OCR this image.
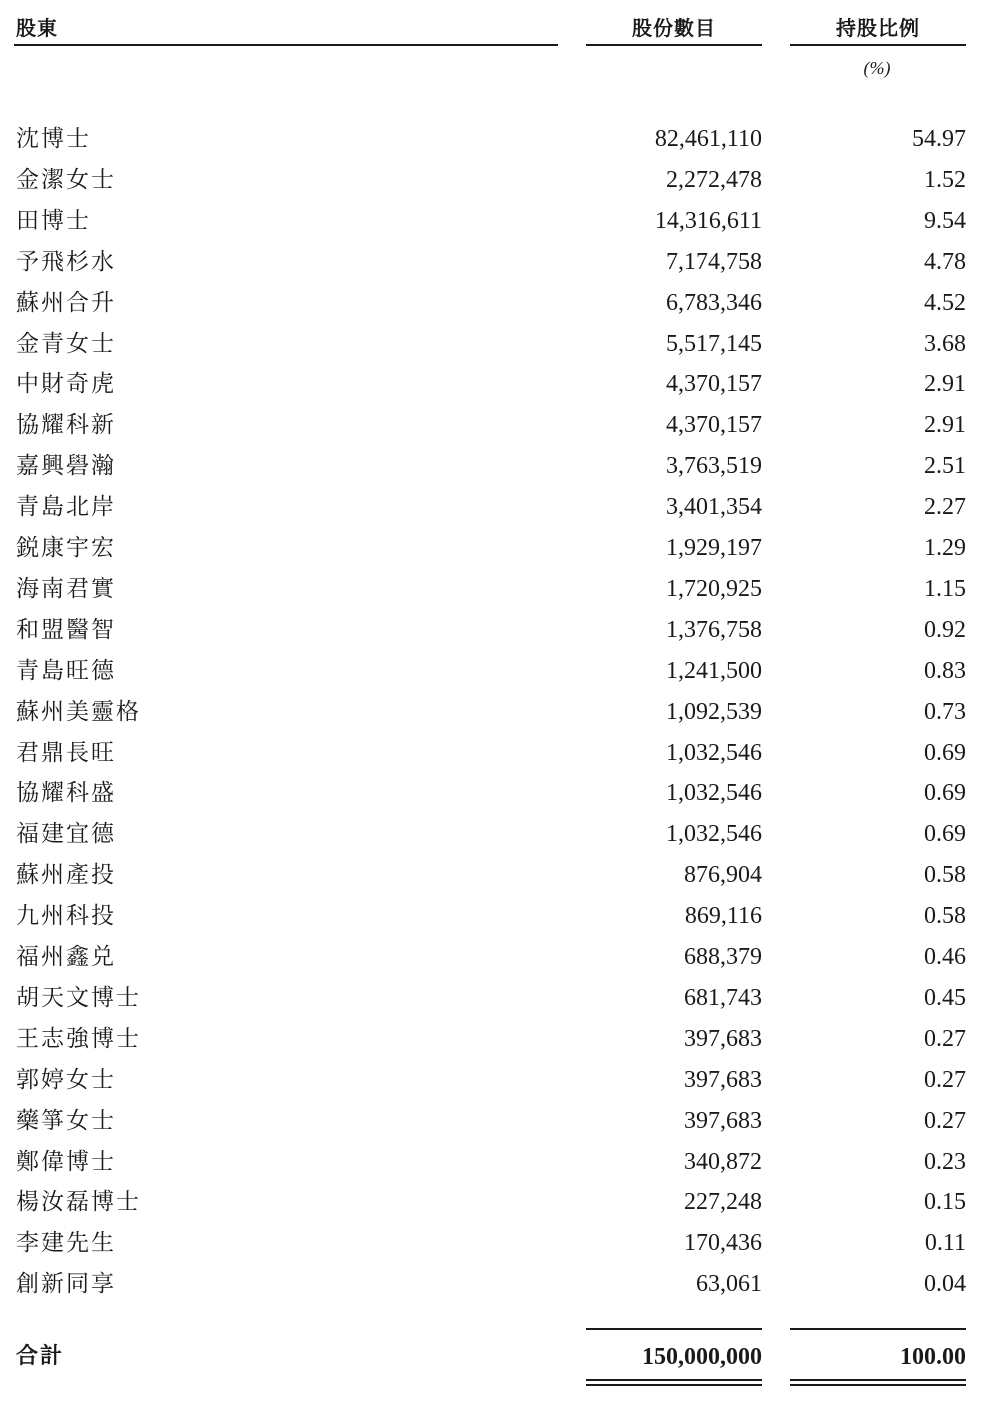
股東	股份數目	持股比例
(%)
沈博士	82,461,110	54.97
金潔女士	2,272,478	1.52
田博士	14,316,611	9.54
予飛杉水	7,174,758	4.78
蘇州合升	6,783,346	4.52
金青女士	5,517,145	3.68
中財奇虎	4,370,157	2.91
協耀科新	4,370,157	2.91
嘉興礐瀚	3,763,519	2.51
青島北岸	3,401,354	2.27
鋭康宇宏	1,929,197	1.29
海南君實	1,720,925	1.15
和盟醫智	1,376,758	0.92
青島旺德	1,241,500	0.83
蘇州美靈格	1,092,539	0.73
君鼎長旺	1,032,546	0.69
協耀科盛	1,032,546	0.69
福建宜德	1,032,546	0.69
蘇州產投	876,904	0.58
九州科投	869,116	0.58
福州鑫兑	688,379	0.46
胡天文博士	681,743	0.45
王志強博士	397,683	0.27
郭婷女士	397,683	0.27
藥箏女士	397,683	0.27
鄭偉博士	340,872	0.23
楊汝磊博士	227,248	0.15
李建先生	170,436	0.11
創新同享	63,061	0.04
合計	150,000,000	100.00
